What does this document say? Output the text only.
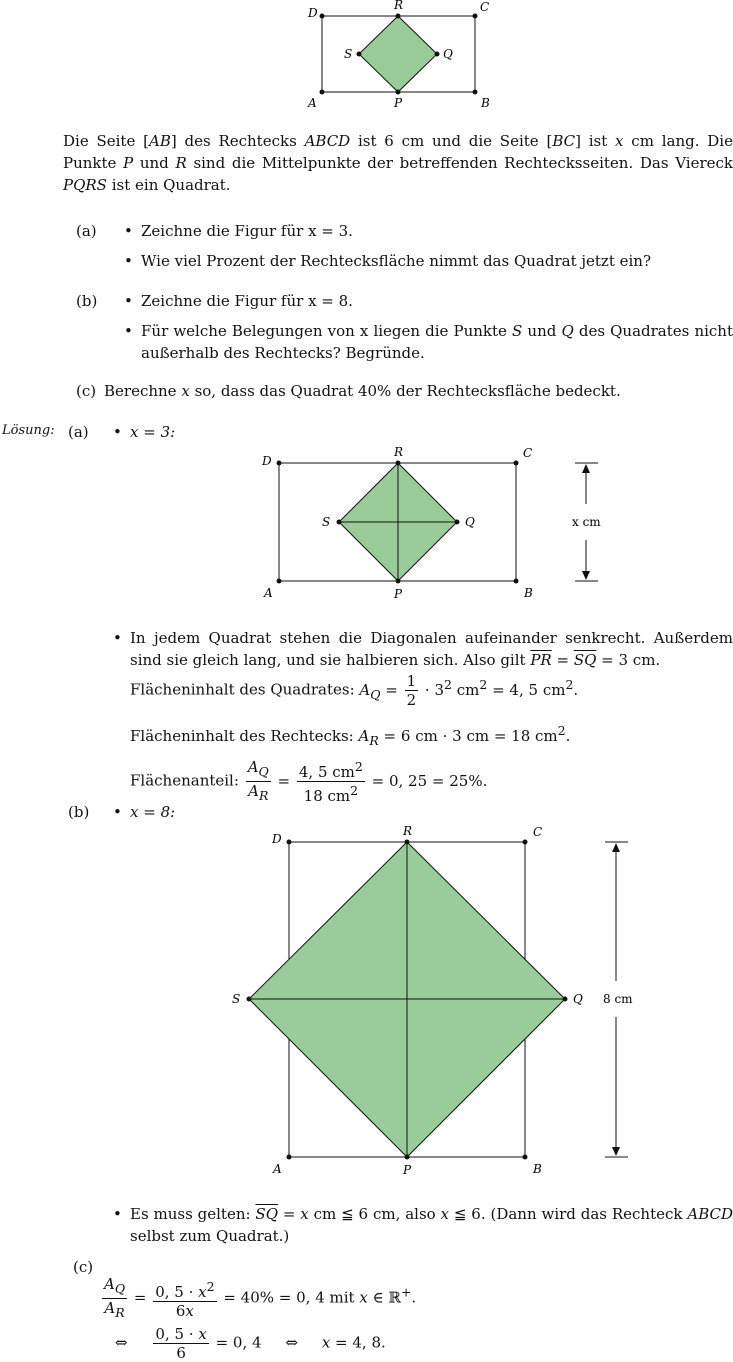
D	C
R
S	Q
A	P	B
Die Seite [AB] des Rechtecks ABCD ist 6 cm und die Seite [BC] ist x cm lang. Die Punkte P und R sind die Mittelpunkte der betreffenden Rechtecksseiten. Das Viereck PQRS ist ein Quadrat.
(a)	• Zeichne die Figur für x = 3.
• Wie viel Prozent der Rechtecksfläche nimmt das Quadrat jetzt ein?
(b)	• Zeichne die Figur für x = 8.
• Für welche Belegungen von x liegen die Punkte S und Q des Quadrates nicht außerhalb des Rechtecks? Begründe.
(c) Berechne x so, dass das Quadrat 40% der Rechtecksfläche bedeckt.
Lösung: (a)	• x = 3:
x cm
D
C
R
S	Q
A	P	B
• In jedem Quadrat stehen die Diagonalen aufeinander senkrecht. Außerdem sind sie gleich lang, und sie halbieren sich. Also gilt $\overline{PR} = \overline{SQ} = 3$ cm.
Flächeninhalt des Quadrates: $A_Q = \frac{1}{2} \cdot 3^2$ $cm^2 = 4$, 5 $cm^2$.
Flächeninhalt des Rechtecks: $A_R = 6$ cm · 3 cm = 18 $cm^2$.
Flächenanteil: $\frac{A_Q}{A_R} = \frac{4, 5 cm^2}{18 cm^2} = 0$, 25 = 25%.
(b)	• x = 8:
8 cm
D	C
R
S	Q
A	P	B
• Es muss gelten: $\overline{SQ} = x$ cm ≦ 6 cm, also x ≦ 6. (Dann wird das Rechteck ABCD selbst zum Quadrat.)
(c)
$\frac{A_Q}{A_R} = \frac{0, 5 \cdot x^2}{6x} = 40\% = 0$, 4 mit x ∈ ℝ+.
⇔ $\frac{0, 5 \cdot x}{6} = 0$, 4     ⇔     x = 4, 8.
